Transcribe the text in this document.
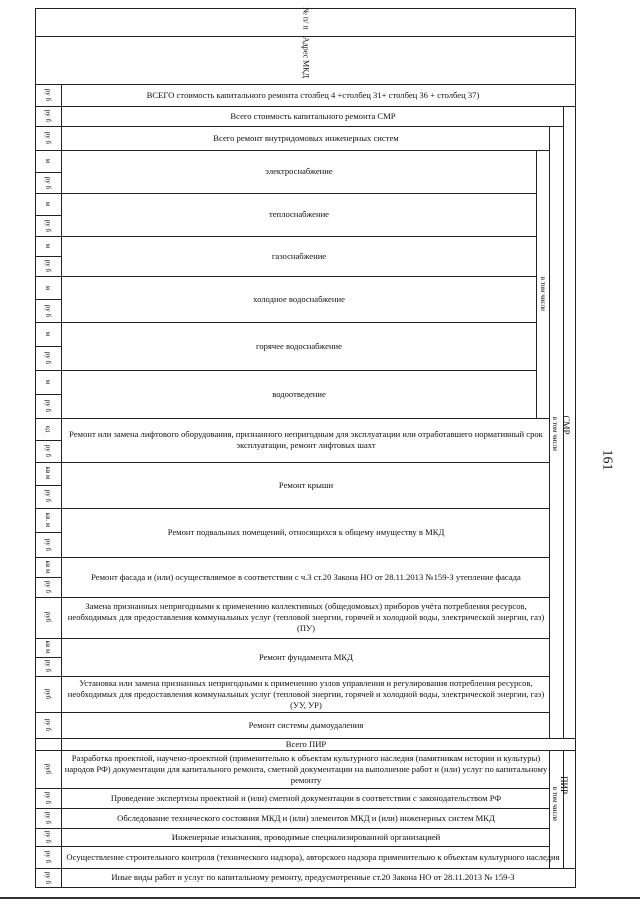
№ п/ п
Адрес МКД
СМР
в том числе
в том числе
ПИР
в том числе
ВСЕГО стоимость капитального ремонта столбец 4 +столбец 31+ столбец 36 + столбец 37)
Всего стоимость капитального ремонта СМР
Всего ремонт внутридомовых инженерных систем
электроснабжение
теплоснабжение
газоснабжение
холодное водоснабжение
горячее водоснабжение
водоотведение
Ремонт или замена лифтового оборудования, признанного непригодным для эксплуатации или отработавшего нормативный срок эксплуатации, ремонт лифтовых шахт
Ремонт крыши
Ремонт подвальных помещений, относящихся к общему имуществу в МКД
Ремонт фасада и (или) осуществляемое в соответствии с ч.3 ст.20 Закона НО от 28.11.2013 №159-З утепление фасада
Замена признанных непригодными к применению коллективных (общедомовых) приборов учёта потребления ресурсов, необходимых для предоставления коммунальных услуг (тепловой энергии, горячей и холодной воды, электрической энергии, газ) (ПУ)
Ремонт фундамента МКД
Установка или замена признанных непригодными к применению узлов управления и регулирования потребления ресурсов, необходимых для предоставления коммунальных услуг (тепловой энергии, горячей и холодной воды, электрической энергии, газ) (УУ, УР)
Ремонт системы дымоудаления
Всего ПИР
Разработка проектной, научено-проектной (применительно к объектам культурного наследия (памятникам истории и культуры) народов РФ) документации для капитального ремонта, сметной документации на выполнение работ и (или) услуг по капитальному ремонту
Проведение экспертизы проектной и (или) сметной документации в соответствии с законодательством РФ
Обследование технического состояния МКД и (или) элементов МКД и (или) инженерных систем МКД
Инженерные изыскания, проводимые специализированной организацией
Осуществление строительного контроля (технического надзора), авторского надзора применительно к объектам культурного наследия
Иные виды работ и услуг по капитальному ремонту, предусмотренные ст.20 Закона НО от 28.11.2013 № 159-З
ру б
ру б
ру б
м
ру б
м
ру б
м
ру б
м
ру б
м
ру б
м
ру б
ед
ру б
кв м
ру б
кв. м
ру б
кв м
ру б
руб
кв м
ру б
руб
ру б
руб
ру б
ру б
ру б
ру б
ру б
161
